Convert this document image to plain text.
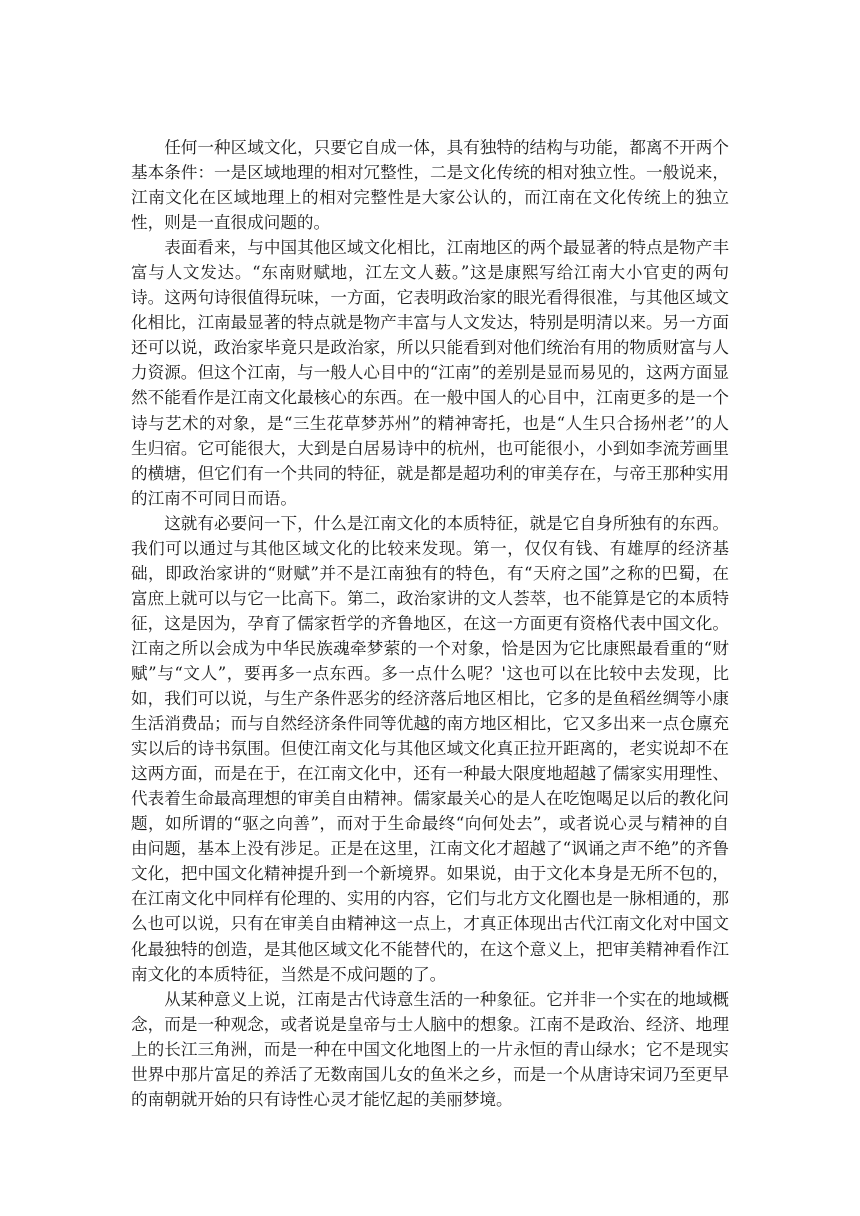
任何一种区域文化，只要它自成一体，具有独特的结构与功能，都离不开两个基本条件：一是区域地理的相对冗整性，二是文化传统的相对独立性。一般说来，江南文化在区域地理上的相对完整性是大家公认的，而江南在文化传统上的独立性，则是一直很成问题的。

表面看来，与中国其他区域文化相比，江南地区的两个最显著的特点是物产丰富与人文发达。“东南财赋地，江左文人薮。”这是康熙写给江南大小官吏的两句诗。这两句诗很值得玩味，一方面，它表明政治家的眼光看得很准，与其他区域文化相比，江南最显著的特点就是物产丰富与人文发达，特别是明清以来。另一方面还可以说，政治家毕竟只是政治家，所以只能看到对他们统治有用的物质财富与人力资源。但这个江南，与一般人心目中的“江南”的差别是显而易见的，这两方面显然不能看作是江南文化最核心的东西。在一般中国人的心目中，江南更多的是一个诗与艺术的对象，是“三生花草梦苏州”的精神寄托，也是“人生只合扬州老’’的人生归宿。它可能很大，大到是白居易诗中的杭州，也可能很小，小到如李流芳画里的横塘，但它们有一个共同的特征，就是都是超功利的审美存在，与帝王那种实用的江南不可同日而语。

这就有必要问一下，什么是江南文化的本质特征，就是它自身所独有的东西。我们可以通过与其他区域文化的比较来发现。第一，仅仅有钱、有雄厚的经济基础，即政治家讲的“财赋”并不是江南独有的特色，有“天府之国”之称的巴蜀，在富庶上就可以与它一比高下。第二，政治家讲的文人荟萃，也不能算是它的本质特征，这是因为，孕育了儒家哲学的齐鲁地区，在这一方面更有资格代表中国文化。江南之所以会成为中华民族魂牵梦萦的一个对象，恰是因为它比康熙最看重的“财赋”与“文人”，要再多一点东西。多一点什么呢？'这也可以在比较中去发现，比如，我们可以说，与生产条件恶劣的经济落后地区相比，它多的是鱼稻丝绸等小康生活消费品；而与自然经济条件同等优越的南方地区相比，它又多出来一点仓廪充实以后的诗书氛围。但使江南文化与其他区域文化真正拉开距离的，老实说却不在这两方面，而是在于，在江南文化中，还有一种最大限度地超越了儒家实用理性、代表着生命最高理想的审美自由精神。儒家最关心的是人在吃饱喝足以后的教化问题，如所谓的“驱之向善”，而对于生命最终“向何处去”，或者说心灵与精神的自由问题，基本上没有涉足。正是在这里，江南文化才超越了“讽诵之声不绝”的齐鲁文化，把中国文化精神提升到一个新境界。如果说，由于文化本身是无所不包的，在江南文化中同样有伦理的、实用的内容，它们与北方文化圈也是一脉相通的，那么也可以说，只有在审美自由精神这一点上，才真正体现出古代江南文化对中国文化最独特的创造，是其他区域文化不能替代的，在这个意义上，把审美精神看作江南文化的本质特征，当然是不成问题的了。

从某种意义上说，江南是古代诗意生活的一种象征。它并非一个实在的地域概念，而是一种观念，或者说是皇帝与士人脑中的想象。江南不是政治、经济、地理上的长江三角洲，而是一种在中国文化地图上的一片永恒的青山绿水；它不是现实世界中那片富足的养活了无数南国儿女的鱼米之乡，而是一个从唐诗宋词乃至更早的南朝就开始的只有诗性心灵才能忆起的美丽梦境。
